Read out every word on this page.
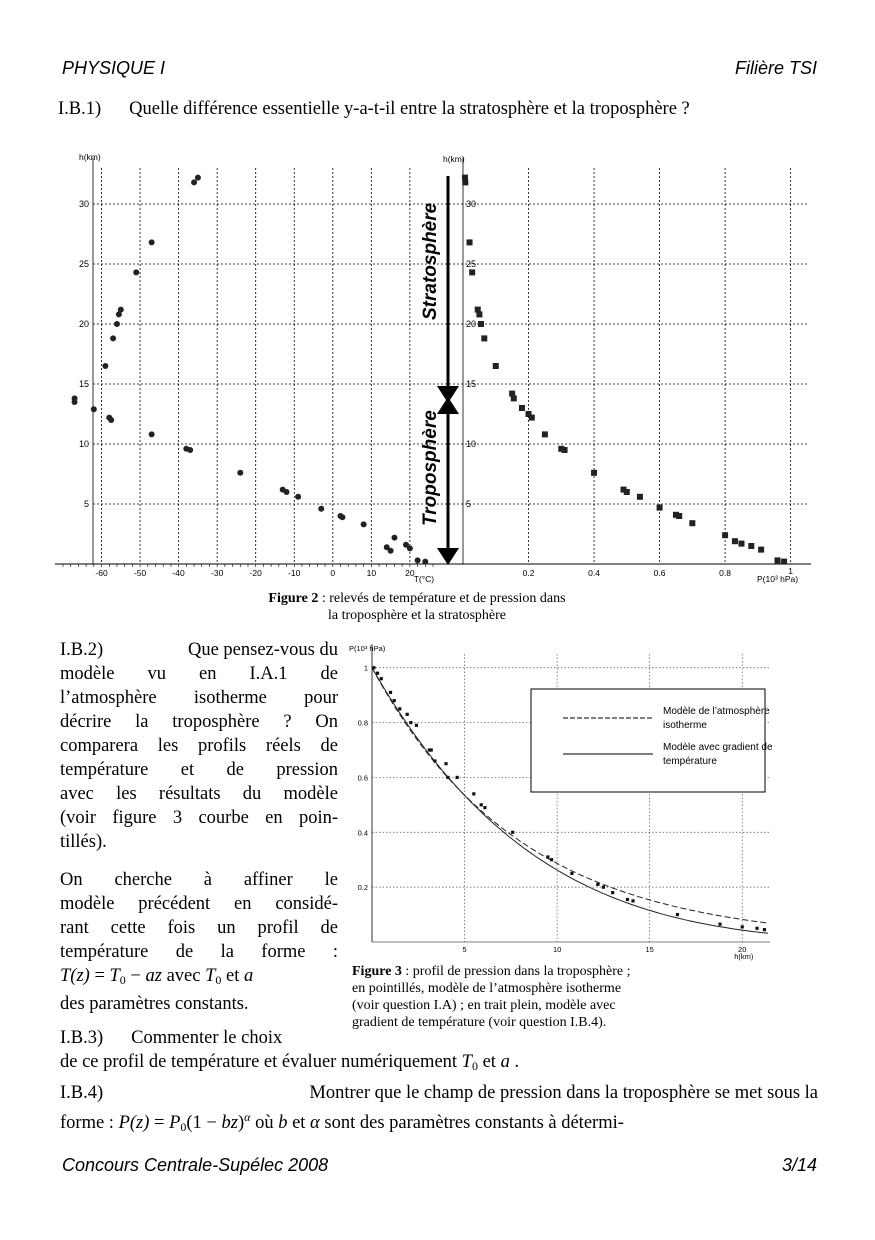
PHYSIQUE I	Filière TSI
I.B.1) Quelle différence essentielle y-a-t-il entre la stratosphère et la troposphère ?
5	5
10	10
15	15
20	20
25	25
30	30
-60	-50	-40	-30	-20	-10	0	10	20	0.2	0.4	0.6	0.8	1
h(km)	h(km)
T(°C)	P(10³ hPa)
Stratosphère
Troposphère
Figure 2 : relevés de température et de pression dans
la troposphère et la stratosphère
I.B.2)	Que pensez-vous du
modèle vu en I.A.1 de
l’atmosphère isotherme pour
décrire la troposphère ? On
comparera les profils réels de
température et de pression
avec les résultats du modèle
(voir figure 3 courbe en poin-
tillés).
On cherche à affiner le
modèle précédent en considé-
rant cette fois un profil de
température de la forme :
$T(z) = T_0$ − az avec $T_0$ et a
des paramètres constants.
I.B.3) Commenter le choix
de ce profil de température et évaluer numériquement $T_0$ et a .
I.B.4)	Montrer que le champ de pression dans la troposphère se met sous la
forme : $P(z) = P_0(1 - bz)^\alpha$ où b et α sont des paramètres constants à détermi-
0.2
0.4
0.6
0.8
1
5	10	15	20
P(10³ hPa)
h(km)
Modèle de l’atmosphère
isotherme
Modèle avec gradient de
température
Figure 3 : profil de pression dans la troposphère ;
en pointillés, modèle de l’atmosphère isotherme
(voir question I.A) ; en trait plein, modèle avec
gradient de température (voir question I.B.4).
Concours Centrale-Supélec 2008	3/14
